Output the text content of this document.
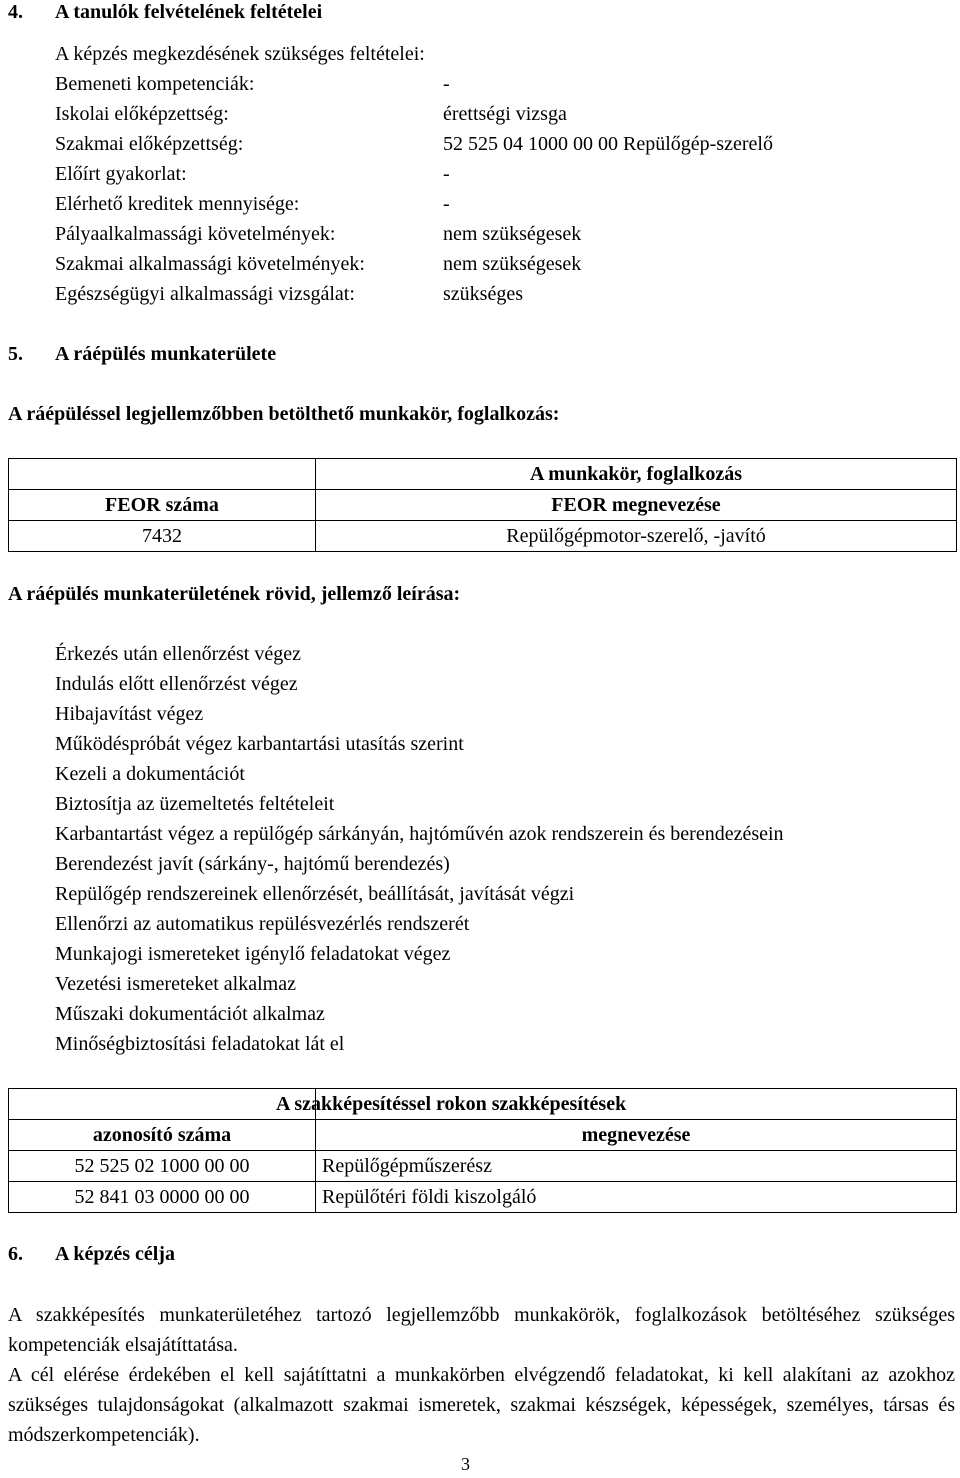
4. A tanulók felvételének feltételei
A képzés megkezdésének szükséges feltételei:
Bemeneti kompetenciák:	-
Iskolai előképzettség:	érettségi vizsga
Szakmai előképzettség:	52 525 04 1000 00 00 Repülőgép-szerelő
Előírt gyakorlat:	-
Elérhető kreditek mennyisége:	-
Pályaalkalmassági követelmények:	nem szükségesek
Szakmai alkalmassági követelmények:	nem szükségesek
Egészségügyi alkalmassági vizsgálat:	szükséges
5. A ráépülés munkaterülete
A ráépüléssel legjellemzőbben betölthető munkakör, foglalkozás:
	A munkakör, foglalkozás
FEOR száma	FEOR megnevezése
7432	Repülőgépmotor-szerelő, -javító
A ráépülés munkaterületének rövid, jellemző leírása:
Érkezés után ellenőrzést végez
Indulás előtt ellenőrzést végez
Hibajavítást végez
Működéspróbát végez karbantartási utasítás szerint
Kezeli a dokumentációt
Biztosítja az üzemeltetés feltételeit
Karbantartást végez a repülőgép sárkányán, hajtóművén azok rendszerein és berendezésein
Berendezést javít (sárkány-, hajtómű berendezés)
Repülőgép rendszereinek ellenőrzését, beállítását, javítását végzi
Ellenőrzi az automatikus repülésvezérlés rendszerét
Munkajogi ismereteket igénylő feladatokat végez
Vezetési ismereteket alkalmaz
Műszaki dokumentációt alkalmaz
Minőségbiztosítási feladatokat lát el
	A szakképesítéssel rokon szakképesítések
azonosító száma	megnevezése
52 525 02 1000 00 00	Repülőgépműszerész
52 841 03 0000 00 00	Repülőtéri földi kiszolgáló
6. A képzés célja
A szakképesítés munkaterületéhez tartozó legjellemzőbb munkakörök, foglalkozások betöltéséhez szükséges kompetenciák elsajátíttatása.
A cél elérése érdekében el kell sajátíttatni a munkakörben elvégzendő feladatokat, ki kell alakítani az azokhoz szükséges tulajdonságokat (alkalmazott szakmai ismeretek, szakmai készségek, képességek, személyes, társas és módszerkompetenciák).
3
